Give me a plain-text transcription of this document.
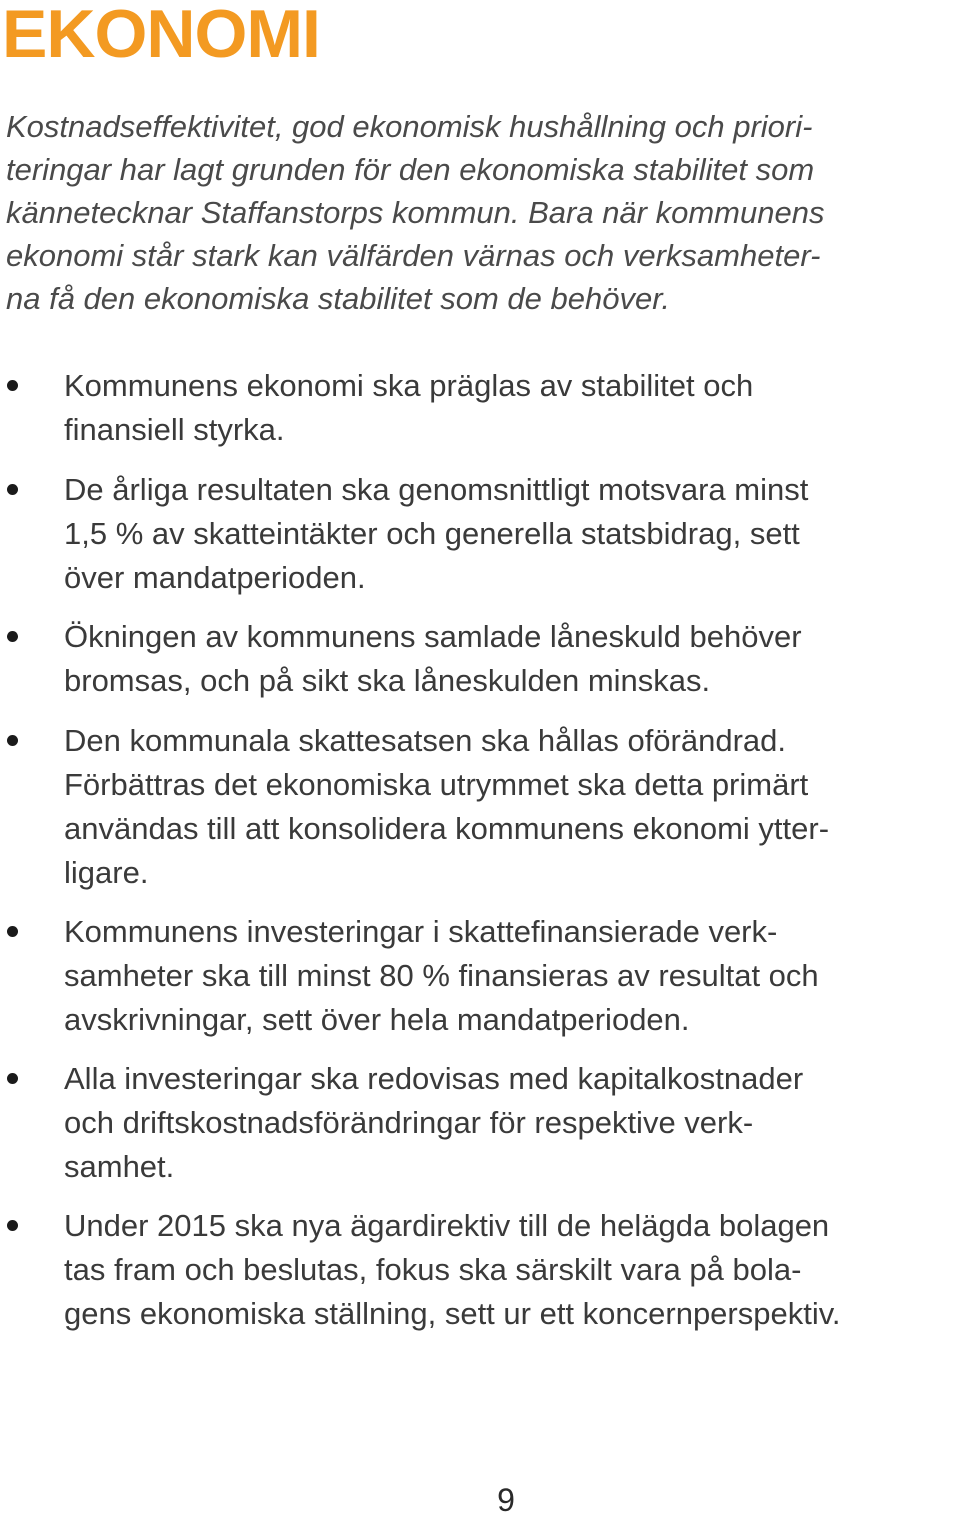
EKONOMI

Kostnadseffektivitet, god ekonomisk hushållning och priori-
teringar har lagt grunden för den ekonomiska stabilitet som
kännetecknar Staffanstorps kommun. Bara när kommunens
ekonomi står stark kan välfärden värnas och verksamheter-
na få den ekonomiska stabilitet som de behöver.

Kommunens ekonomi ska präglas av stabilitet och
finansiell styrka.
De årliga resultaten ska genomsnittligt motsvara minst
1,5 % av skatteintäkter och generella statsbidrag, sett
över mandatperioden.
Ökningen av kommunens samlade låneskuld behöver
bromsas, och på sikt ska låneskulden minskas.
Den kommunala skattesatsen ska hållas oförändrad.
Förbättras det ekonomiska utrymmet ska detta primärt
användas till att konsolidera kommunens ekonomi ytter-
ligare.
Kommunens investeringar i skattefinansierade verk-
samheter ska till minst 80 % finansieras av resultat och
avskrivningar, sett över hela mandatperioden.
Alla investeringar ska redovisas med kapitalkostnader
och driftskostnadsförändringar för respektive verk-
samhet.
Under 2015 ska nya ägardirektiv till de helägda bolagen
tas fram och beslutas, fokus ska särskilt vara på bola-
gens ekonomiska ställning, sett ur ett koncernperspektiv.
9
